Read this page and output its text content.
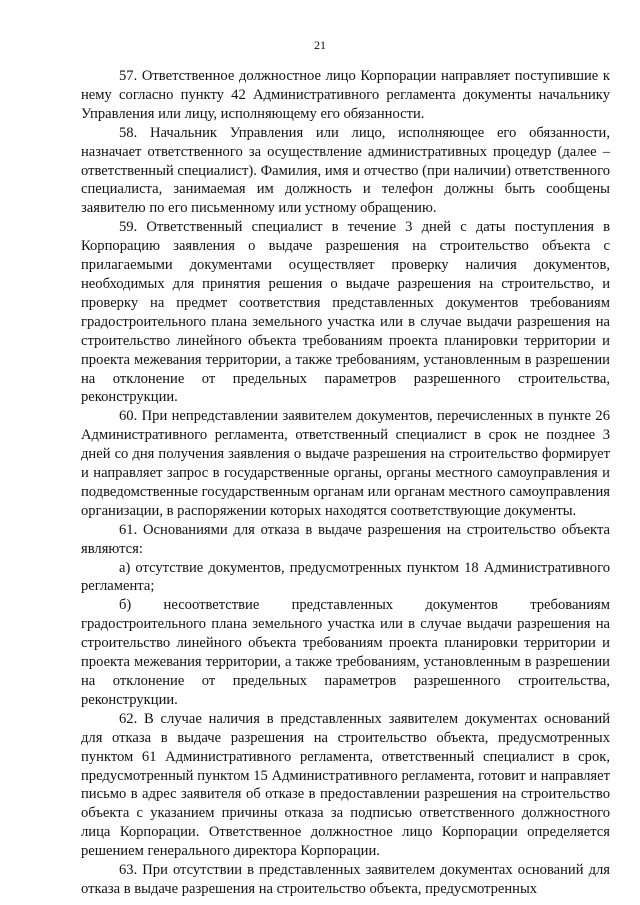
21

57. Ответственное должностное лицо Корпорации направляет поступившие к нему согласно пункту 42 Административного регламента документы начальнику Управления или лицу, исполняющему его обязанности.

58. Начальник Управления или лицо, исполняющее его обязанности, назначает ответственного за осуществление административных процедур (далее – ответственный специалист). Фамилия, имя и отчество (при наличии) ответственного специалиста, занимаемая им должность и телефон должны быть сообщены заявителю по его письменному или устному обращению.

59. Ответственный специалист в течение 3 дней с даты поступления в Корпорацию заявления о выдаче разрешения на строительство объекта с прилагаемыми документами осуществляет проверку наличия документов, необходимых для принятия решения о выдаче разрешения на строительство, и проверку на предмет соответствия представленных документов требованиям градостроительного плана земельного участка или в случае выдачи разрешения на строительство линейного объекта требованиям проекта планировки территории и проекта межевания территории, а также требованиям, установленным в разрешении на отклонение от предельных параметров разрешенного строительства, реконструкции.

60. При непредставлении заявителем документов, перечисленных в пункте 26 Административного регламента, ответственный специалист в срок не позднее 3 дней со дня получения заявления о выдаче разрешения на строительство формирует и направляет запрос в государственные органы, органы местного самоуправления и подведомственные государственным органам или органам местного самоуправления организации, в распоряжении которых находятся соответствующие документы.

61. Основаниями для отказа в выдаче разрешения на строительство объекта являются:

а) отсутствие документов, предусмотренных пунктом 18 Административного регламента;

б) несоответствие представленных документов требованиям градостроительного плана земельного участка или в случае выдачи разрешения на строительство линейного объекта требованиям проекта планировки территории и проекта межевания территории, а также требованиям, установленным в разрешении на отклонение от предельных параметров разрешенного строительства, реконструкции.

62. В случае наличия в представленных заявителем документах оснований для отказа в выдаче разрешения на строительство объекта, предусмотренных пунктом 61 Административного регламента, ответственный специалист в срок, предусмотренный пунктом 15 Административного регламента, готовит и направляет письмо в адрес заявителя об отказе в предоставлении разрешения на строительство объекта с указанием причины отказа за подписью ответственного должностного лица Корпорации. Ответственное должностное лицо Корпорации определяется решением генерального директора Корпорации.

63. При отсутствии в представленных заявителем документах оснований для отказа в выдаче разрешения на строительство объекта, предусмотренных
